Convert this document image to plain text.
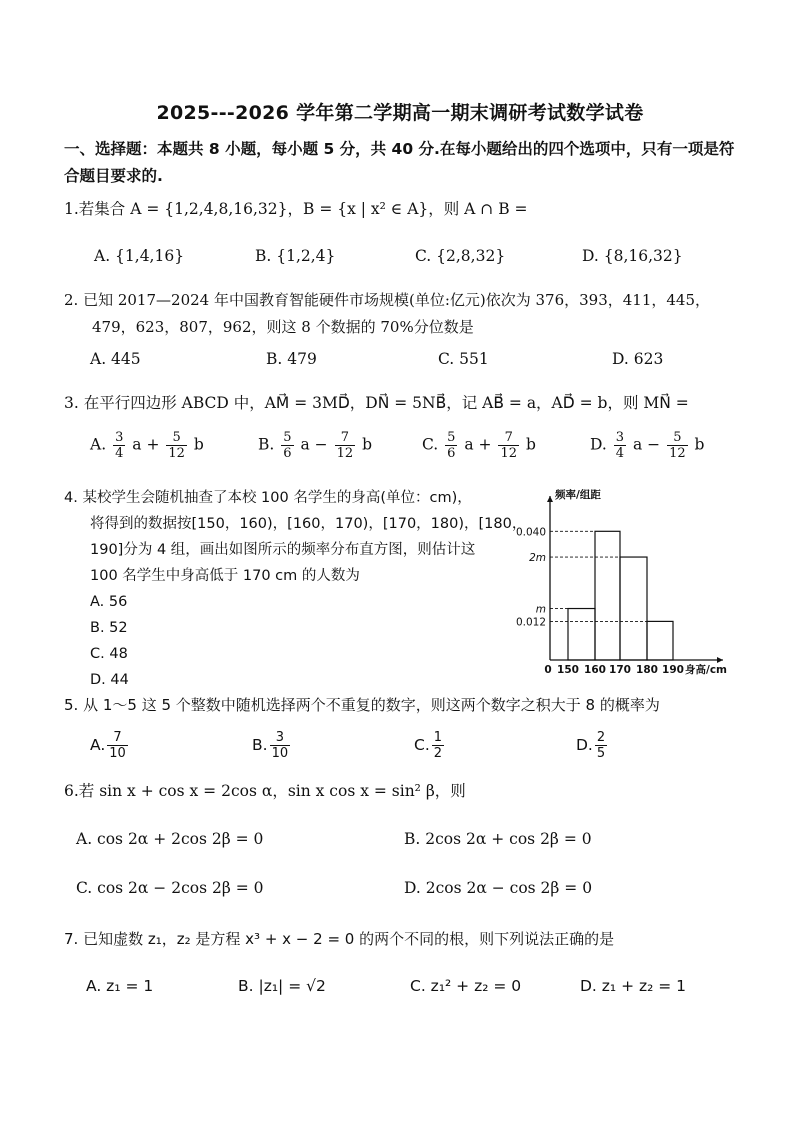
2025---2026 学年第二学期高一期末调研考试数学试卷
一、选择题：本题共 8 小题，每小题 5 分，共 40 分.在每小题给出的四个选项中，只有一项是符合题目要求的.
1.若集合 A = {1,2,4,8,16,32}，B = {x | x² ∈ A}，则 A ∩ B =
A. {1,4,16}	B. {1,2,4}	C. {2,8,32}	D. {8,16,32}
2. 已知 2017—2024 年中国教育智能硬件市场规模(单位:亿元)依次为 376，393，411，445，
479，623，807，962，则这 8 个数据的 70%分位数是
A. 445	B. 479	C. 551	D. 623
3. 在平行四边形 ABCD 中，AM⃗ = 3MD⃗，DN⃗ = 5NB⃗，记 AB⃗ = a，AD⃗ = b，则 MN⃗ =
A. $\frac{3}{4}$ $a + \frac{5}{12}$ b	B. $\frac{5}{6}$ $a - \frac{7}{12}$ b	C. $\frac{5}{6}$ $a + \frac{7}{12}$ b	D. $\frac{3}{4}$ $a - \frac{5}{12}$ b
4. 某校学生会随机抽查了本校 100 名学生的身高(单位：cm)，
将得到的数据按[150，160)，[160，170)，[170，180)，[180，
190]分为 4 组，画出如图所示的频率分布直方图，则估计这
100 名学生中身高低于 170 cm 的人数为
A. 56
B. 52
C. 48
D. 44
m
0.040
2m
0.012
0 150 160 170 180 190
频率/组距
身高/cm
5. 从 1～5 这 5 个整数中随机选择两个不重复的数字，则这两个数字之积大于 8 的概率为
A. $\frac{7}{10}$	B. $\frac{3}{10}$	C. $\frac{1}{2}$	D. $\frac{2}{5}$
6.若 sin x + cos x = 2cos α，sin x cos x = sin² β，则
A. cos 2α + 2cos 2β = 0	B. 2cos 2α + cos 2β = 0
C. cos 2α − 2cos 2β = 0	D. 2cos 2α − cos 2β = 0
7. 已知虚数 z₁，z₂ 是方程 x³ + x − 2 = 0 的两个不同的根，则下列说法正确的是
A. z₁ = 1	B. |z₁| = √2	C. z₁² + z₂ = 0	D. z₁ + z₂ = 1
